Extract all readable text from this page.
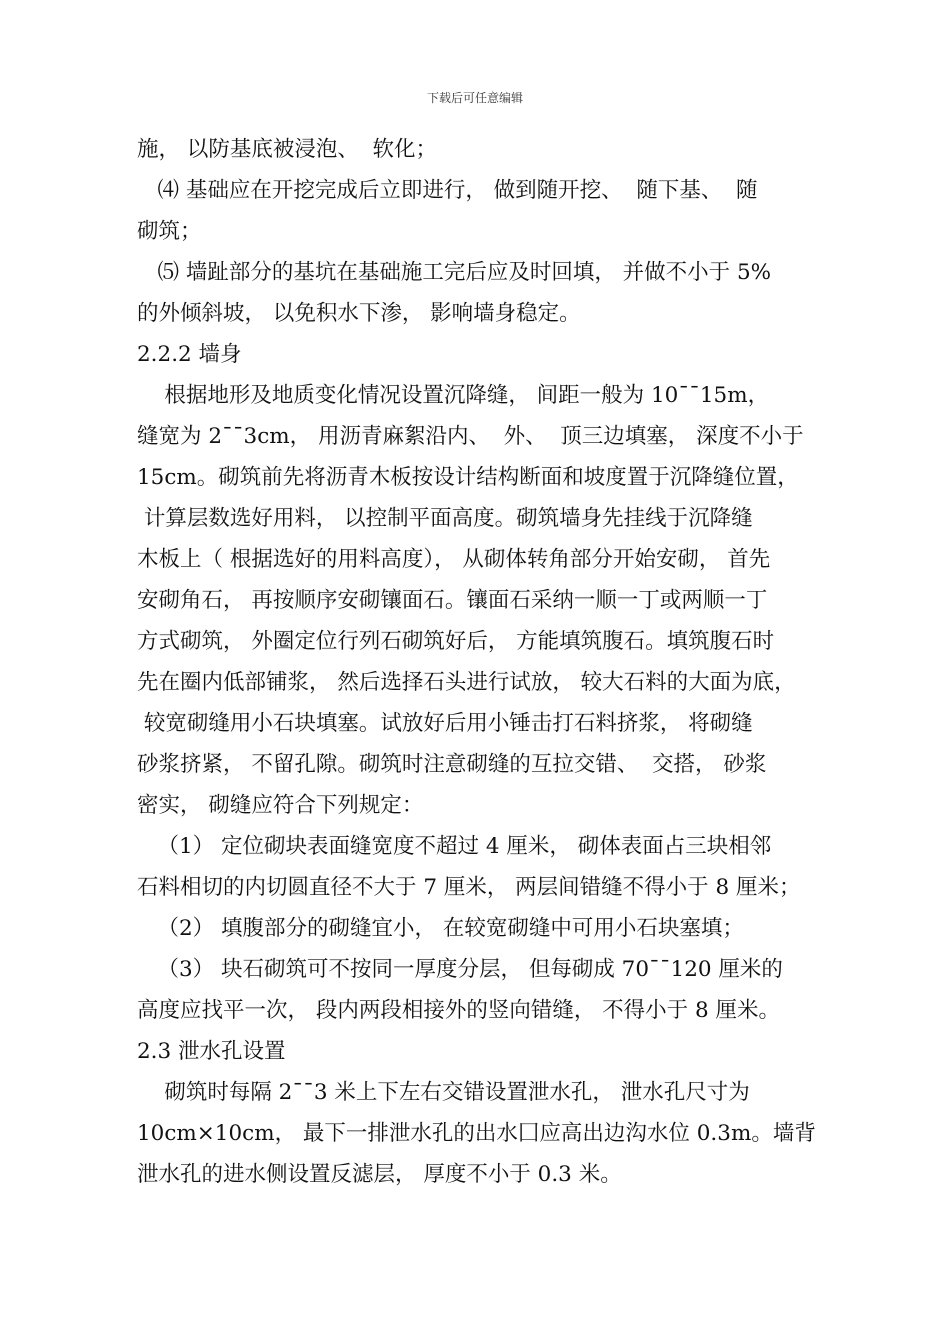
下载后可任意编辑
施， 以防基底被浸泡、  软化；
⑷ 基础应在开挖完成后立即进行， 做到随开挖、  随下基、  随
砌筑；
⑸ 墙趾部分的基坑在基础施工完后应及时回填， 并做不小于 5%
的外倾斜坡， 以免积水下渗， 影响墙身稳定。
2.2.2 墙身
根据地形及地质变化情况设置沉降缝， 间距一般为 10¯¯15m，
缝宽为 2¯¯3cm， 用沥青麻絮沿内、  外、  顶三边填塞， 深度不小于
15cm。砌筑前先将沥青木板按设计结构断面和坡度置于沉降缝位置，
计算层数选好用料， 以控制平面高度。砌筑墙身先挂线于沉降缝
木板上（ 根据选好的用料高度）， 从砌体转角部分开始安砌， 首先
安砌角石， 再按顺序安砌镶面石。镶面石采纳一顺一丁或两顺一丁
方式砌筑， 外圈定位行列石砌筑好后， 方能填筑腹石。填筑腹石时
先在圈内低部铺浆， 然后选择石头进行试放， 较大石料的大面为底，
较宽砌缝用小石块填塞。试放好后用小锤击打石料挤浆， 将砌缝
砂浆挤紧， 不留孔隙。砌筑时注意砌缝的互拉交错、  交搭， 砂浆
密实， 砌缝应符合下列规定：
（1） 定位砌块表面缝宽度不超过 4 厘米， 砌体表面占三块相邻
石料相切的内切圆直径不大于 7 厘米， 两层间错缝不得小于 8 厘米；
（2） 填腹部分的砌缝宜小， 在较宽砌缝中可用小石块塞填；
（3） 块石砌筑可不按同一厚度分层， 但每砌成 70¯¯120 厘米的
高度应找平一次， 段内两段相接外的竖向错缝， 不得小于 8 厘米。
2.3 泄水孔设置
砌筑时每隔 2¯¯3 米上下左右交错设置泄水孔， 泄水孔尺寸为
10cm×10cm， 最下一排泄水孔的出水囗应高出边沟水位 0.3m。墙背
泄水孔的进水侧设置反滤层， 厚度不小于 0.3 米。
